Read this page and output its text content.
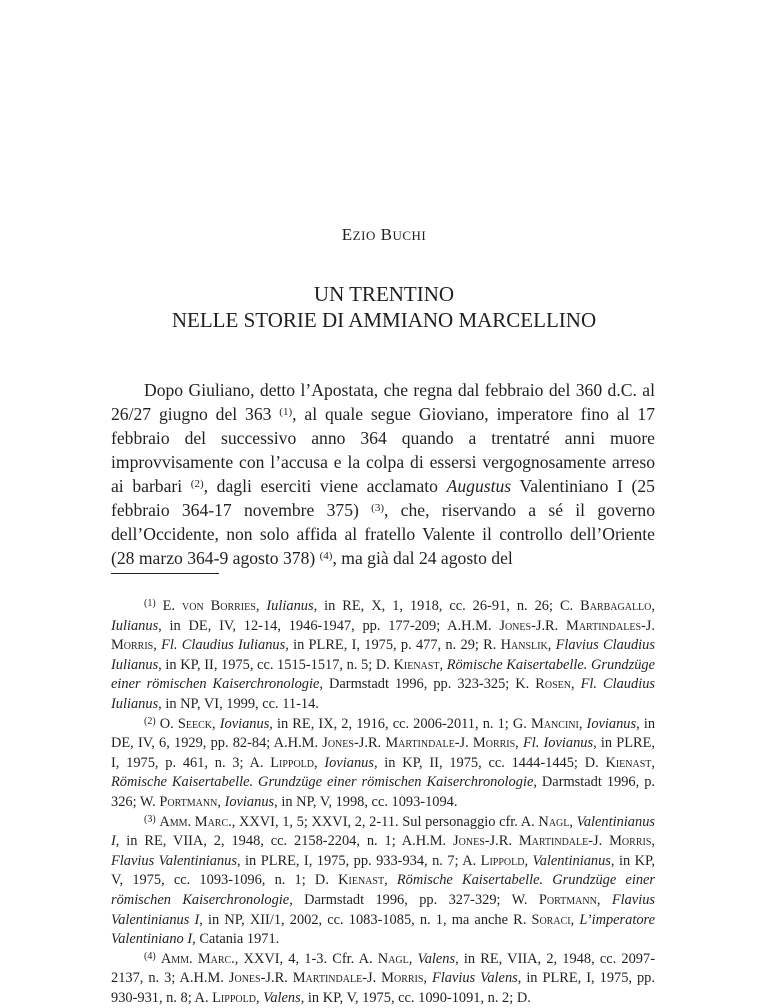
EZIO BUCHI
UN TRENTINO
NELLE STORIE DI AMMIANO MARCELLINO

Dopo Giuliano, detto l’Apostata, che regna dal febbraio del 360 d.C. al 26/27 giugno del 363 $^{(1)}$, al quale segue Gioviano, imperatore fino al 17 febbraio del successivo anno 364 quando a trentatré anni muore improvvisamente con l’accusa e la colpa di essersi vergognosamente arreso ai barbari $^{(2)}$, dagli eserciti viene acclamato Augustus Valentiniano I (25 febbraio 364-17 novembre 375) $^{(3)}$, che, riservando a sé il governo dell’Occidente, non solo affida al fratello Valente il controllo dell’Oriente (28 marzo 364-9 agosto 378) $^{(4)}$, ma già dal 24 agosto del

$^{(1)}$ E. von Borries, Iulianus, in RE, X, 1, 1918, cc. 26-91, n. 26; C. Barbagallo, Iulianus, in DE, IV, 12-14, 1946-1947, pp. 177-209; A.H.M. Jones-J.R. Martindales-J. Morris, Fl. Claudius Iulianus, in PLRE, I, 1975, p. 477, n. 29; R. Hanslik, Flavius Claudius Iulianus, in KP, II, 1975, cc. 1515-1517, n. 5; D. Kienast, Römische Kaisertabelle. Grundzüge einer römischen Kaiserchronologie, Darmstadt 1996, pp. 323-325; K. Rosen, Fl. Claudius Iulianus, in NP, VI, 1999, cc. 11-14.

$^{(2)}$ O. Seeck, Iovianus, in RE, IX, 2, 1916, cc. 2006-2011, n. 1; G. Mancini, Iovianus, in DE, IV, 6, 1929, pp. 82-84; A.H.M. Jones-J.R. Martindale-J. Morris, Fl. Iovianus, in PLRE, I, 1975, p. 461, n. 3; A. Lippold, Iovianus, in KP, II, 1975, cc. 1444-1445; D. Kienast, Römische Kaisertabelle. Grundzüge einer römischen Kaiserchronologie, Darmstadt 1996, p. 326; W. Portmann, Iovianus, in NP, V, 1998, cc. 1093-1094.

$^{(3)}$ Amm. Marc., XXVI, 1, 5; XXVI, 2, 2-11. Sul personaggio cfr. A. Nagl, Valentinianus I, in RE, VIIA, 2, 1948, cc. 2158-2204, n. 1; A.H.M. Jones-J.R. Martindale-J. Morris, Flavius Valentinianus, in PLRE, I, 1975, pp. 933-934, n. 7; A. Lippold, Valentinianus, in KP, V, 1975, cc. 1093-1096, n. 1; D. Kienast, Römische Kaisertabelle. Grundzüge einer römischen Kaiserchronologie, Darmstadt 1996, pp. 327-329; W. Portmann, Flavius Valentinianus I, in NP, XII/1, 2002, cc. 1083-1085, n. 1, ma anche R. Soraci, L’imperatore Valentiniano I, Catania 1971.

$^{(4)}$ Amm. Marc., XXVI, 4, 1-3. Cfr. A. Nagl, Valens, in RE, VIIA, 2, 1948, cc. 2097-2137, n. 3; A.H.M. Jones-J.R. Martindale-J. Morris, Flavius Valens, in PLRE, I, 1975, pp. 930-931, n. 8; A. Lippold, Valens, in KP, V, 1975, cc. 1090-1091, n. 2; D.
